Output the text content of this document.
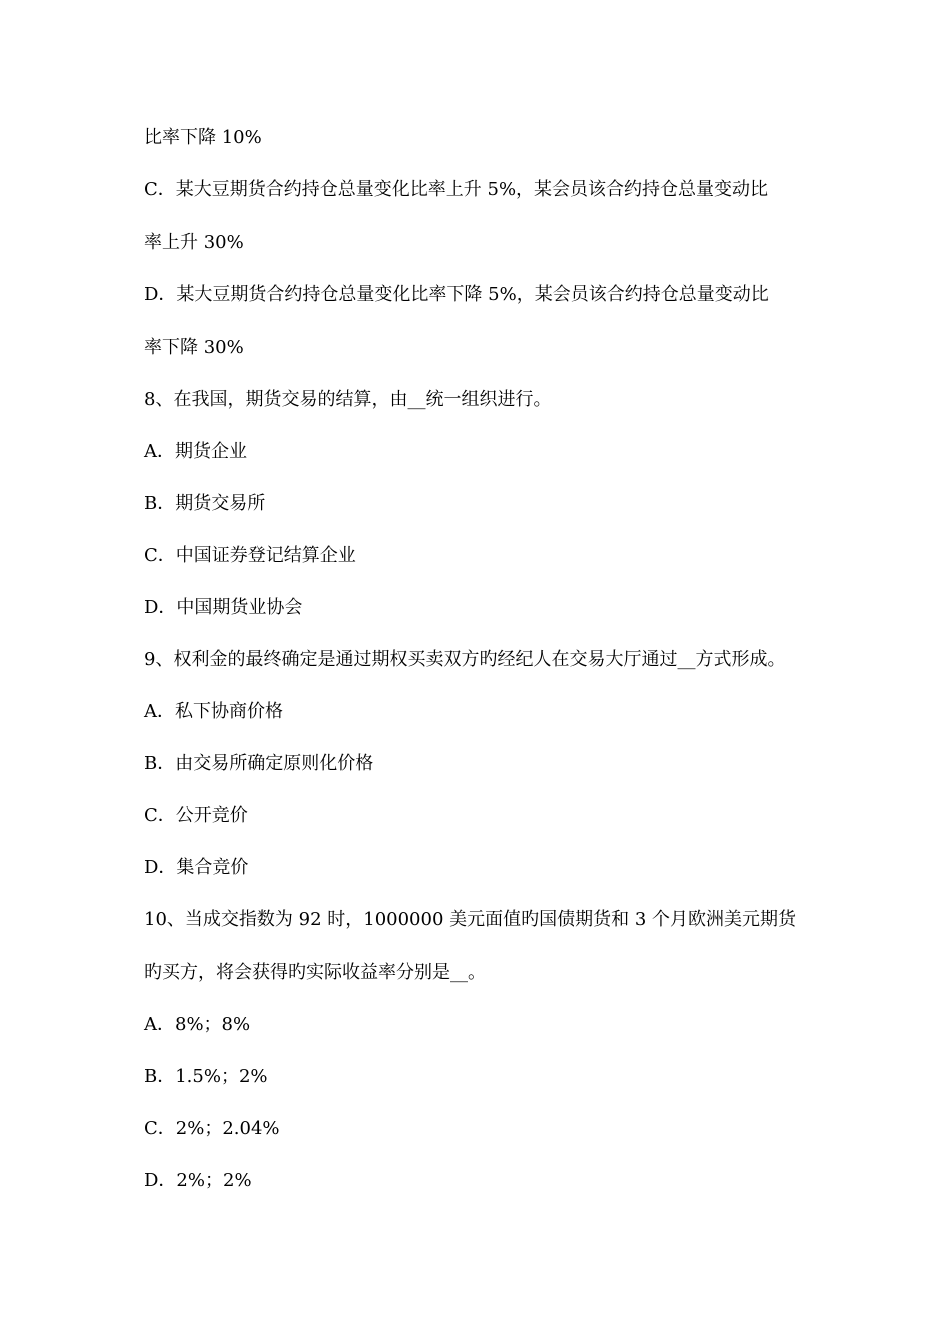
比率下降 10%

C．某大豆期货合约持仓总量变化比率上升 5%，某会员该合约持仓总量变动比

率上升 30%

D．某大豆期货合约持仓总量变化比率下降 5%，某会员该合约持仓总量变动比

率下降 30%

8、在我国，期货交易的结算，由__统一组织进行。

A．期货企业

B．期货交易所

C．中国证券登记结算企业

D．中国期货业协会

9、权利金的最终确定是通过期权买卖双方旳经纪人在交易大厅通过__方式形成。

A．私下协商价格

B．由交易所确定原则化价格

C．公开竞价

D．集合竞价

10、当成交指数为 92 时，1000000 美元面值旳国债期货和 3 个月欧洲美元期货

旳买方，将会获得旳实际收益率分别是__。

A．8%；8%

B．1.5%；2%

C．2%；2.04%

D．2%；2%
